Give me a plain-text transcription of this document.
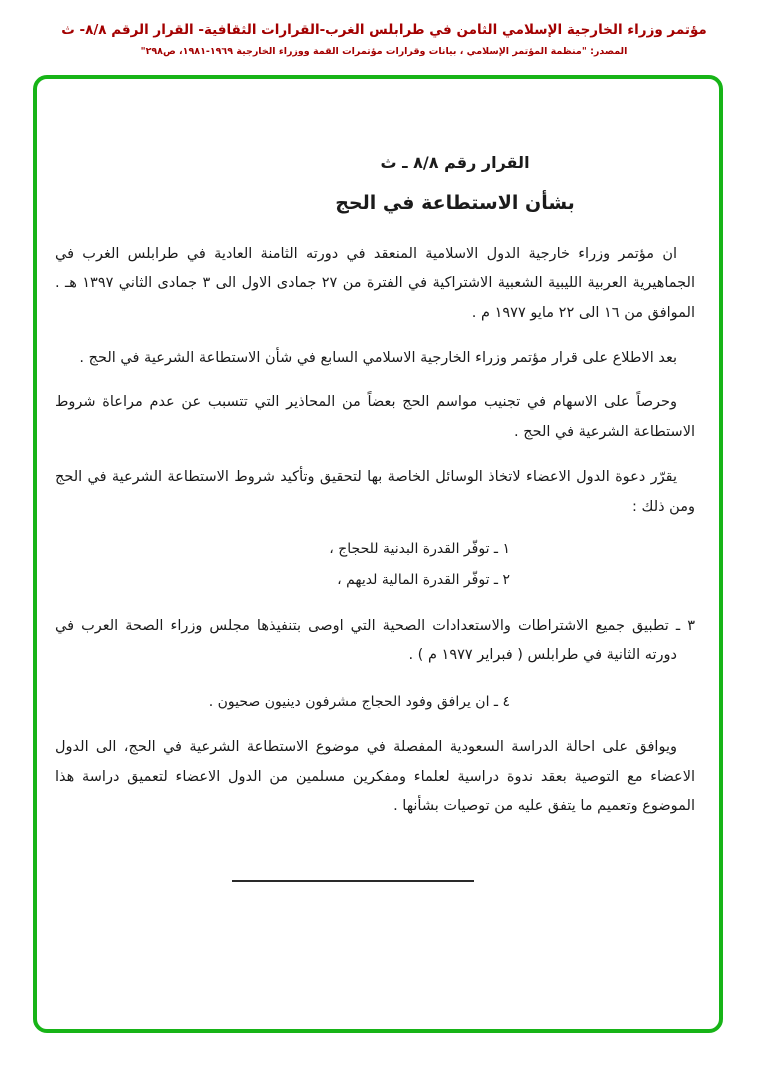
مؤتمر وزراء الخارجية الإسلامي الثامن في طرابلس الغرب-القرارات الثقافية- القرار الرقم ٨/٨- ث
المصدر: "منظمة المؤتمر الإسلامي ، بيانات وقرارات مؤتمرات القمة ووزراء الخارجية ١٩٦٩-١٩٨١، ص٢٩٨"
القرار رقم ٨/٨ ـ ث
بشأن الاستطاعة في الحج

ان مؤتمر وزراء خارجية الدول الاسلامية المنعقد في دورته الثامنة العادية في طرابلس الغرب في الجماهيرية العربية الليبية الشعبية الاشتراكية في الفترة من ٢٧ جمادى الاول الى ٣ جمادى الثاني ١٣٩٧ هـ . الموافق من ١٦ الى ٢٢ مايو ١٩٧٧ م .

بعد الاطلاع على قرار مؤتمر وزراء الخارجية الاسلامي السابع في شأن الاستطاعة الشرعية في الحج .

وحرصاً على الاسهام في تجنيب مواسم الحج بعضاً من المحاذير التي تتسبب عن عدم مراعاة شروط الاستطاعة الشرعية في الحج .

يقرّر دعوة الدول الاعضاء لاتخاذ الوسائل الخاصة بها لتحقيق وتأكيد شروط الاستطاعة الشرعية في الحج ومن ذلك :

١ ـ توفّر القدرة البدنية للحجاج ،

٢ ـ توفّر القدرة المالية لديهم ،

٣ ـ تطبيق جميع الاشتراطات والاستعدادات الصحية التي اوصى بتنفيذها مجلس وزراء الصحة العرب في دورته الثانية في طرابلس ( فبراير ١٩٧٧ م ) .

٤ ـ ان يرافق وفود الحجاج مشرفون دينيون صحيون .

ويوافق على احالة الدراسة السعودية المفصلة في موضوع الاستطاعة الشرعية في الحج، الى الدول الاعضاء مع التوصية بعقد ندوة دراسية لعلماء ومفكرين مسلمين من الدول الاعضاء لتعميق دراسة هذا الموضوع وتعميم ما يتفق عليه من توصيات بشأنها .
